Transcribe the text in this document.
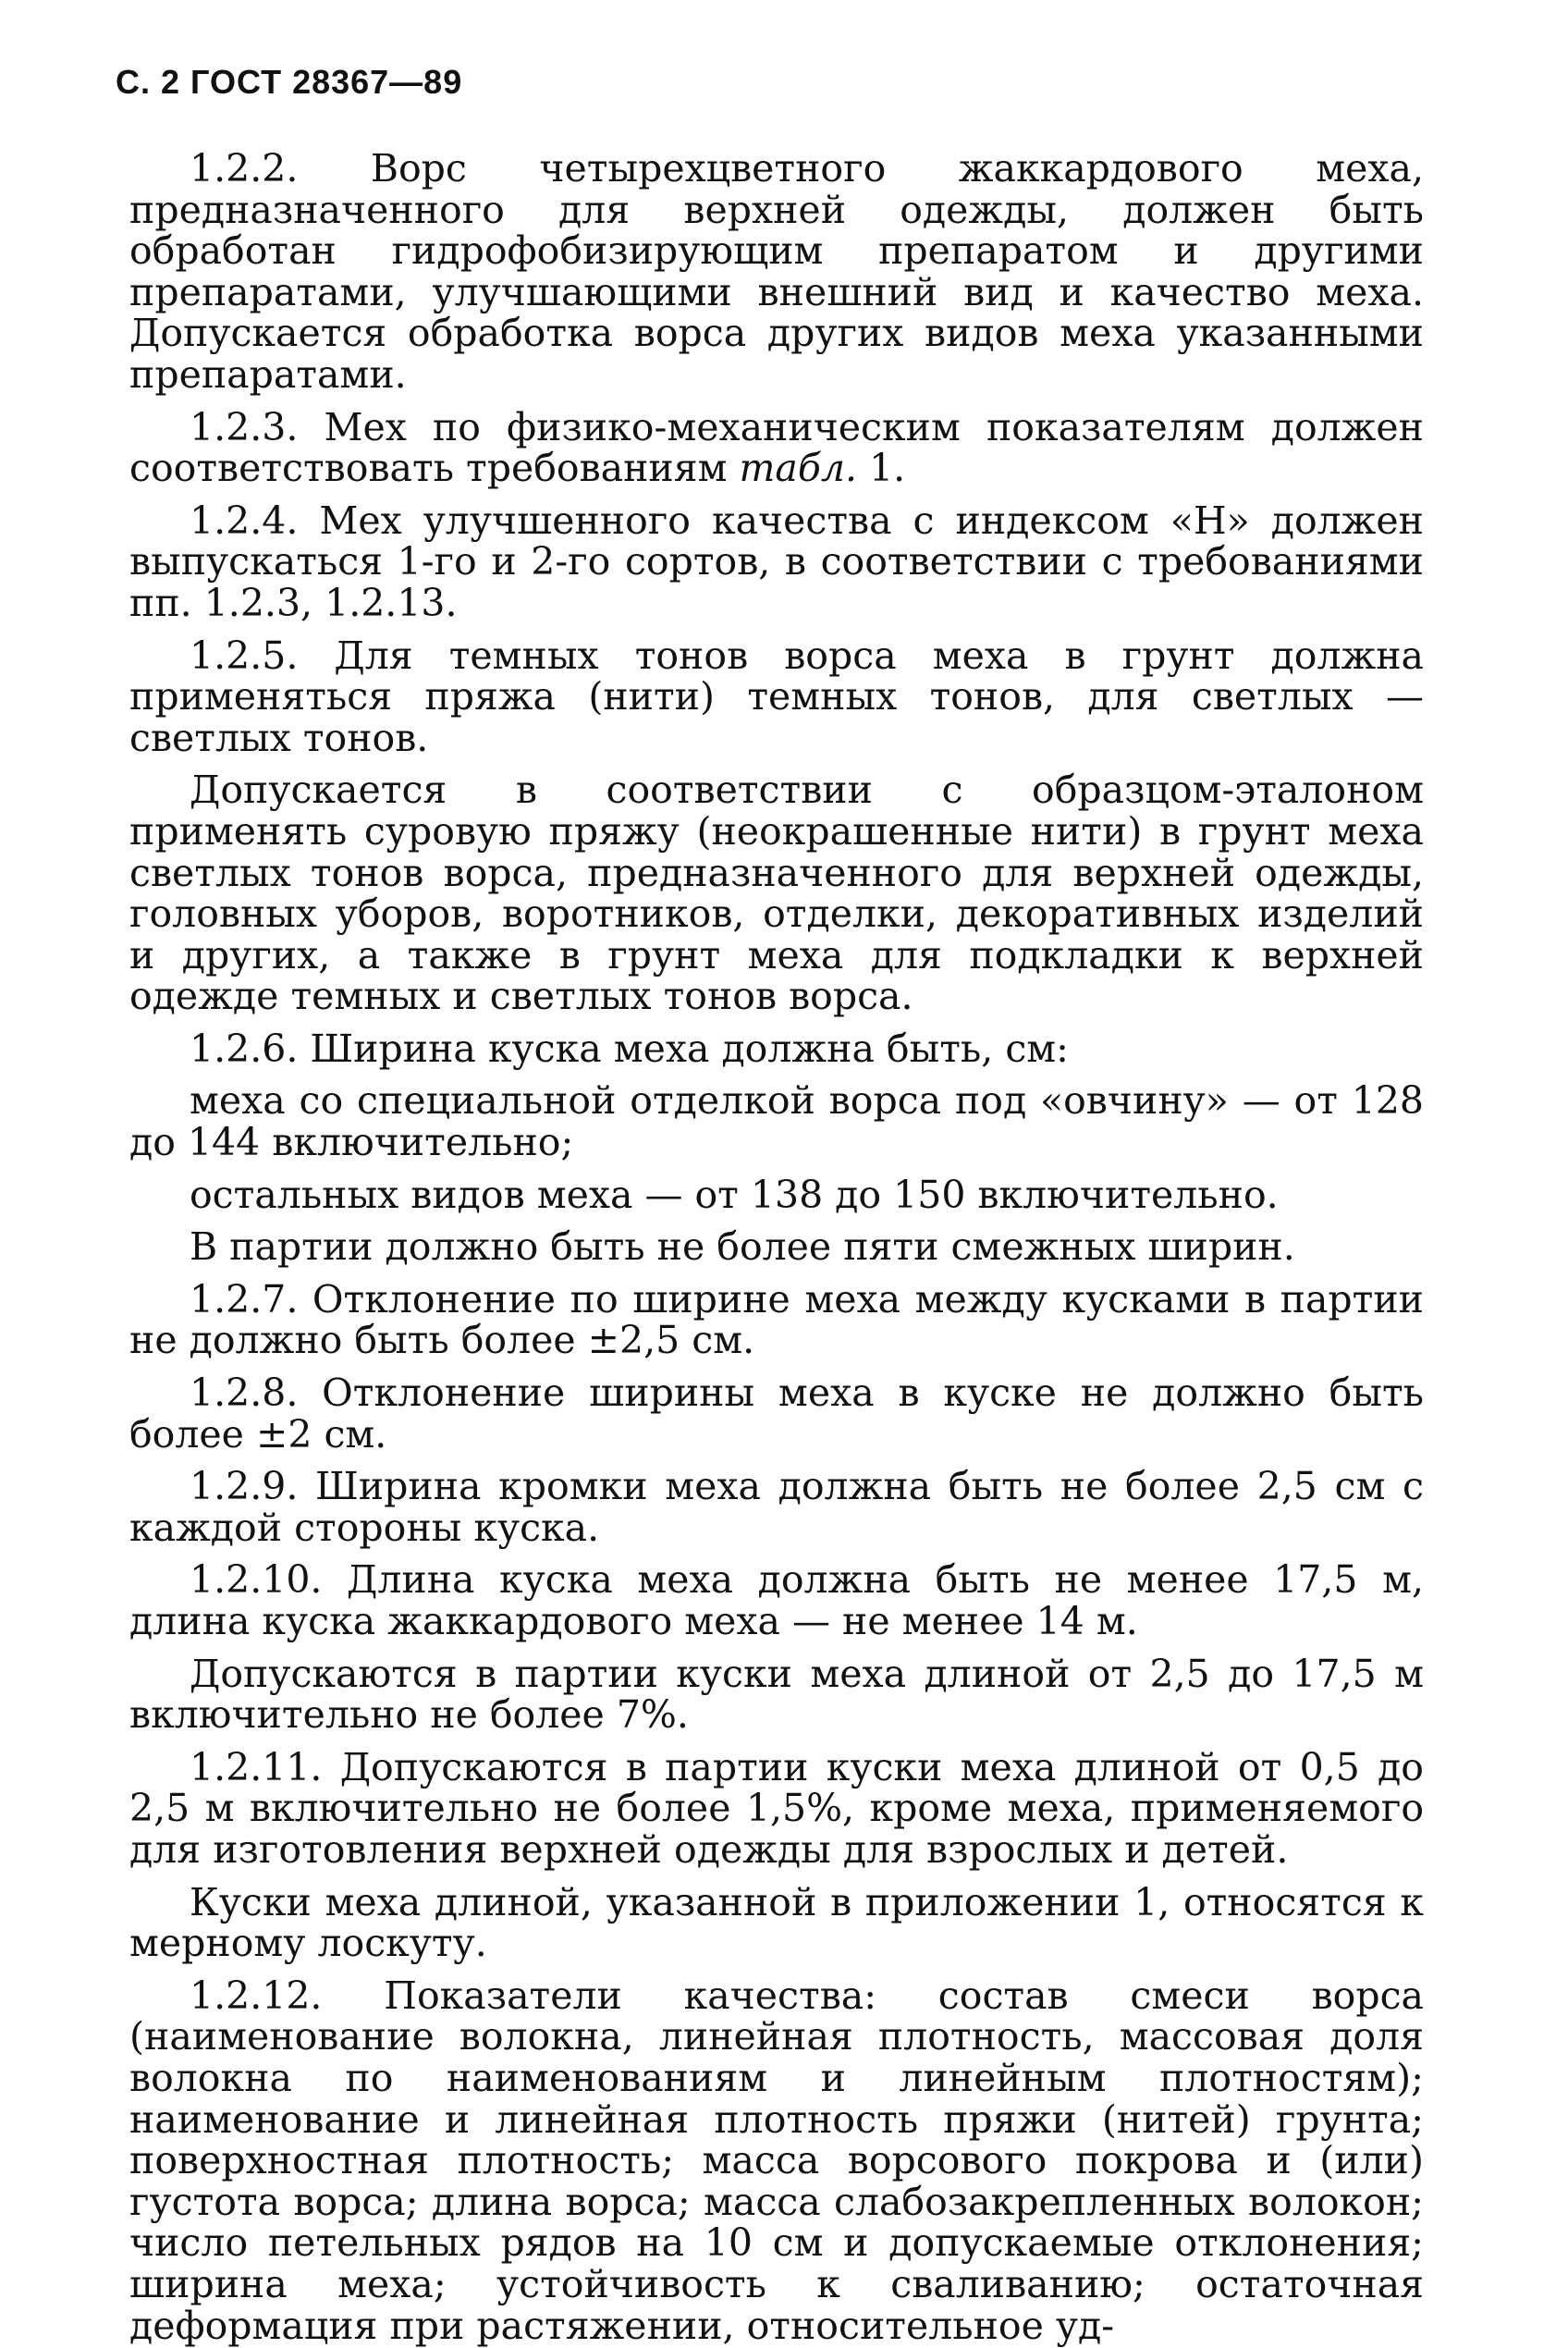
С. 2 ГОСТ 28367—89

1.2.2. Ворс четырехцветного жаккардового меха, предназначенного для верхней одежды, должен быть обработан гидрофобизирующим препаратом и другими препаратами, улучшающими внешний вид и качество меха. Допускается обработка ворса других видов меха указанными препаратами.

1.2.3. Мех по физико-механическим показателям должен соответствовать требованиям табл. 1.

1.2.4. Мех улучшенного качества с индексом «Н» должен выпускаться 1-го и 2-го сортов, в соответствии с требованиями пп. 1.2.3, 1.2.13.

1.2.5. Для темных тонов ворса меха в грунт должна применяться пряжа (нити) темных тонов, для светлых — светлых тонов.

Допускается в соответствии с образцом-эталоном применять суровую пряжу (неокрашенные нити) в грунт меха светлых тонов ворса, предназначенного для верхней одежды, головных уборов, воротников, отделки, декоративных изделий и других, а также в грунт меха для подкладки к верхней одежде темных и светлых тонов ворса.

1.2.6. Ширина куска меха должна быть, см:

меха со специальной отделкой ворса под «овчину» — от 128 до 144 включительно;

остальных видов меха — от 138 до 150 включительно.

В партии должно быть не более пяти смежных ширин.

1.2.7. Отклонение по ширине меха между кусками в партии не должно быть более ±2,5 см.

1.2.8. Отклонение ширины меха в куске не должно быть более ±2 см.

1.2.9. Ширина кромки меха должна быть не более 2,5 см с каждой стороны куска.

1.2.10. Длина куска меха должна быть не менее 17,5 м, длина куска жаккардового меха — не менее 14 м.

Допускаются в партии куски меха длиной от 2,5 до 17,5 м включительно не более 7%.

1.2.11. Допускаются в партии куски меха длиной от 0,5 до 2,5 м включительно не более 1,5%, кроме меха, применяемого для изготовления верхней одежды для взрослых и детей.

Куски меха длиной, указанной в приложении 1, относятся к мерному лоскуту.

1.2.12. Показатели качества: состав смеси ворса (наименование волокна, линейная плотность, массовая доля волокна по наименованиям и линейным плотностям); наименование и линейная плотность пряжи (нитей) грунта; поверхностная плотность; масса ворсового покрова и (или) густота ворса; длина ворса; масса слабозакрепленных волокон; число петельных рядов на 10 см и допускаемые отклонения; ширина меха; устойчивость к сваливанию; остаточная деформация при растяжении, относительное уд-
